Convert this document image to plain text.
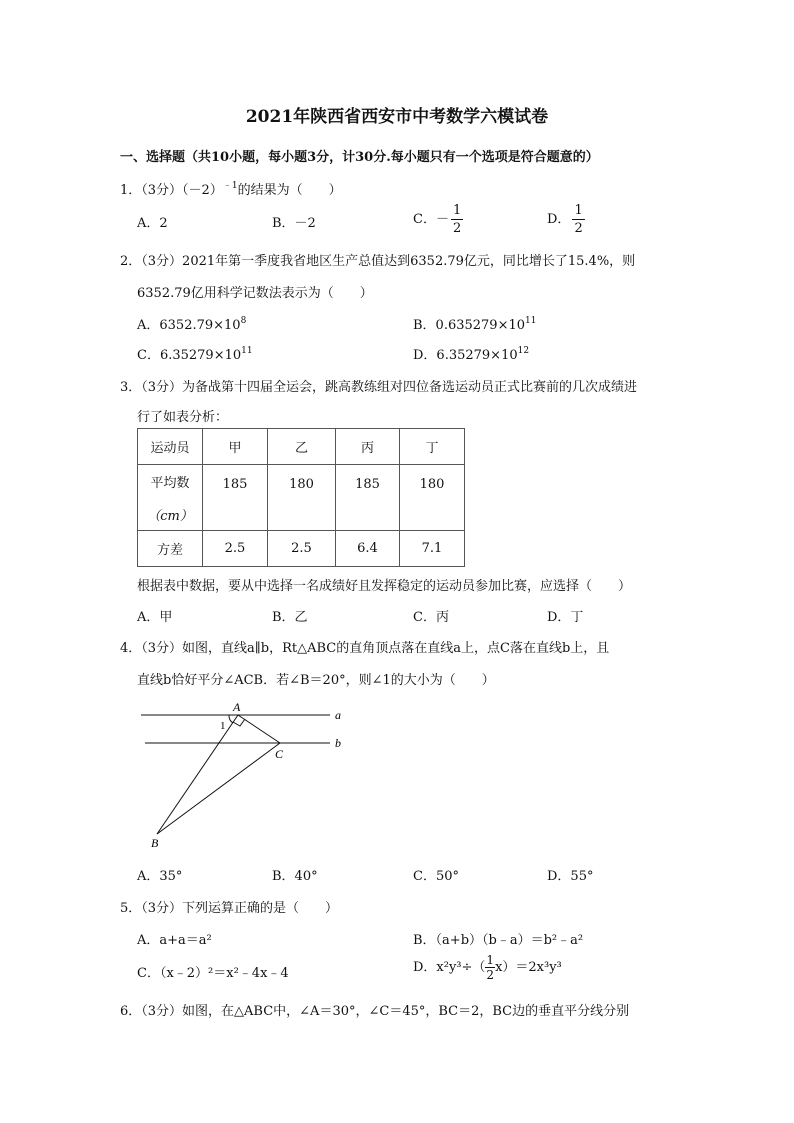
2021年陕西省西安市中考数学六模试卷
一、选择题（共10小题，每小题3分，计30分.每小题只有一个选项是符合题意的）
1．（3分）$(-2)^{﹣1}$的结果为（　　）
A．2	B．－2	C．－ $\frac{1}{2}$	D． $\frac{1}{2}$
2．（3分）2021年第一季度我省地区生产总值达到6352.79亿元，同比增长了15.4%，则
6352.79亿用科学记数法表示为（　　）
A．$6352.79\times 10^8$	B．$0.635279\times 10^{11}$
C．$6.35279\times 10^{11}$	D．$6.35279\times 10^{12}$
3．（3分）为备战第十四届全运会，跳高教练组对四位备选运动员正式比赛前的几次成绩进
行了如表分析：
运动员	甲	乙	丙	丁

平均数
（cm）	185	180	185	180
方差	2.5	2.5	6.4	7.1
根据表中数据，要从中选择一名成绩好且发挥稳定的运动员参加比赛，应选择（　　）
A．甲	B．乙	C．丙	D．丁
4．（3分）如图，直线a∥b，Rt△ABC的直角顶点落在直线a上，点C落在直线b上，且
直线b恰好平分∠ACB．若∠B＝20°，则∠1的大小为（　　）
A
1
a
b
C
B
A．35°	B．40°	C．50°	D．55°
5．（3分）下列运算正确的是（　　）
A．a+a＝a²	B．（a+b）（b﹣a）＝b²﹣a²
C．（x﹣2）²＝x²﹣4x﹣4	D．$x^2y^3\div( \frac{1}{2} x)=2x^3y^3$
6．（3分）如图，在△ABC中，∠A＝30°，∠C＝45°，BC＝2，BC边的垂直平分线分别
